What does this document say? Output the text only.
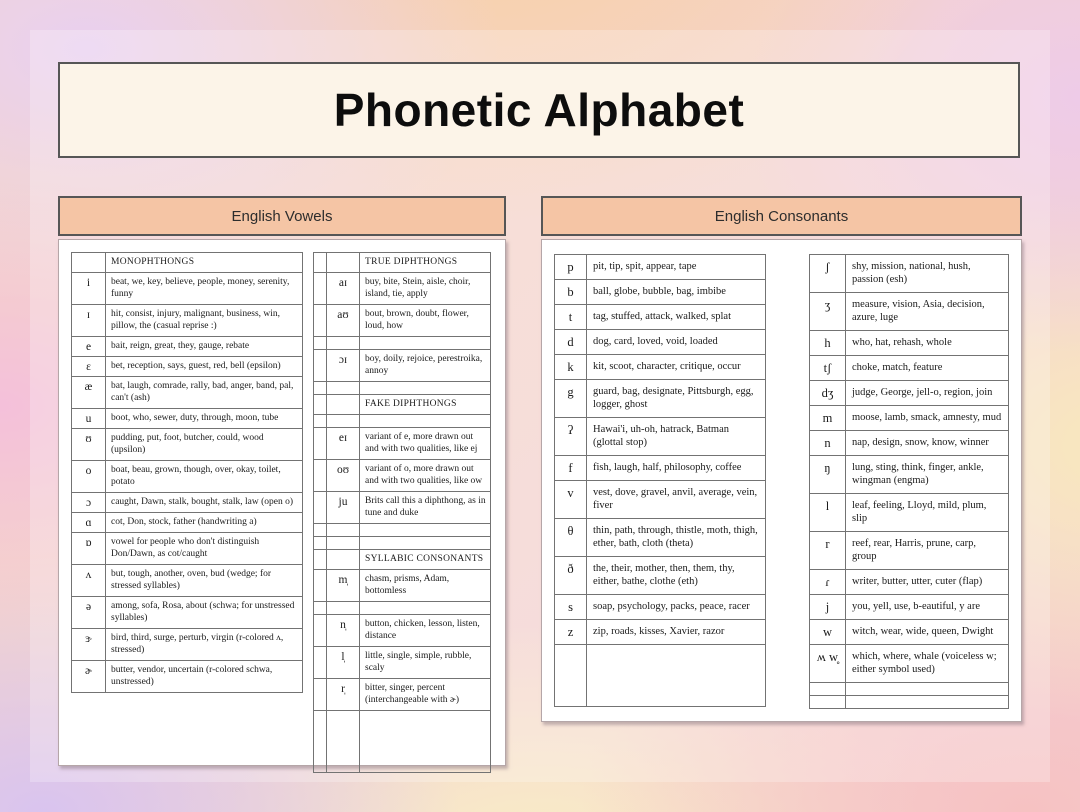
Phonetic Alphabet
English Vowels	English Consonants
	MONOPHTHONGS
i	beat, we, key, believe, people, money, serenity, funny
ɪ	hit, consist, injury, malignant, business, win, pillow, the (casual reprise :)
e	bait, reign, great, they, gauge, rebate
ɛ	bet, reception, says, guest, red, bell (epsilon)
æ	bat, laugh, comrade, rally, bad, anger, band, pal, can't (ash)
u	boot, who, sewer, duty, through, moon, tube
ʊ	pudding, put, foot, butcher, could, wood (upsilon)
o	boat, beau, grown, though, over, okay, toilet, potato
ɔ	caught, Dawn, stalk, bought, stalk, law (open o)
ɑ	cot, Don, stock, father (handwriting a)
ɒ	vowel for people who don't distinguish Don/Dawn, as cot/caught
ʌ	but, tough, another, oven, bud (wedge; for stressed syllables)
ə	among, sofa, Rosa, about (schwa; for unstressed syllables)
ɝ	bird, third, surge, perturb, virgin (r-colored ʌ, stressed)
ɚ	butter, vendor, uncertain (r-colored schwa, unstressed)
		TRUE DIPHTHONGS
	aɪ	buy, bite, Stein, aisle, choir, island, tie, apply
	aʊ	bout, brown, doubt, flower, loud, how

	ɔɪ	boy, doily, rejoice, perestroika, annoy

		FAKE DIPHTHONGS

	eɪ	variant of e, more drawn out and with two qualities, like ej
	oʊ	variant of o, more drawn out and with two qualities, like ow
	ju	Brits call this a diphthong, as in tune and duke

		SYLLABIC CONSONANTS
	m̩	chasm, prisms, Adam, bottomless

	n̩	button, chicken, lesson, listen, distance
	l̩	little, single, simple, rubble, scaly
	r̩	bitter, singer, percent (interchangeable with ɚ)

p	pit, tip, spit, appear, tape
b	ball, globe, bubble, bag, imbibe
t	tag, stuffed, attack, walked, splat
d	dog, card, loved, void, loaded
k	kit, scoot, character, critique, occur
g	guard, bag, designate, Pittsburgh, egg, logger, ghost
ʔ	Hawai'i, uh-oh, hatrack, Batman (glottal stop)
f	fish, laugh, half, philosophy, coffee
v	vest, dove, gravel, anvil, average, vein, fiver
θ	thin, path, through, thistle, moth, thigh, ether, bath, cloth (theta)
ð	the, their, mother, then, them, thy, either, bathe, clothe (eth)
s	soap, psychology, packs, peace, racer
z	zip, roads, kisses, Xavier, razor

ʃ	shy, mission, national, hush, passion (esh)
ʒ	measure, vision, Asia, decision, azure, luge
h	who, hat, rehash, whole
tʃ	choke, match, feature
dʒ	judge, George, jell-o, region, join
m	moose, lamb, smack, amnesty, mud
n	nap, design, snow, know, winner
ŋ	lung, sting, think, finger, ankle, wingman (engma)
l	leaf, feeling, Lloyd, mild, plum, slip
r	reef, rear, Harris, prune, carp, group
ɾ	writer, butter, utter, cuter (flap)
j	you, yell, use, b-eautiful, y are
w	witch, wear, wide, queen, Dwight
ʍ w̥	which, where, whale (voiceless w; either symbol used)
